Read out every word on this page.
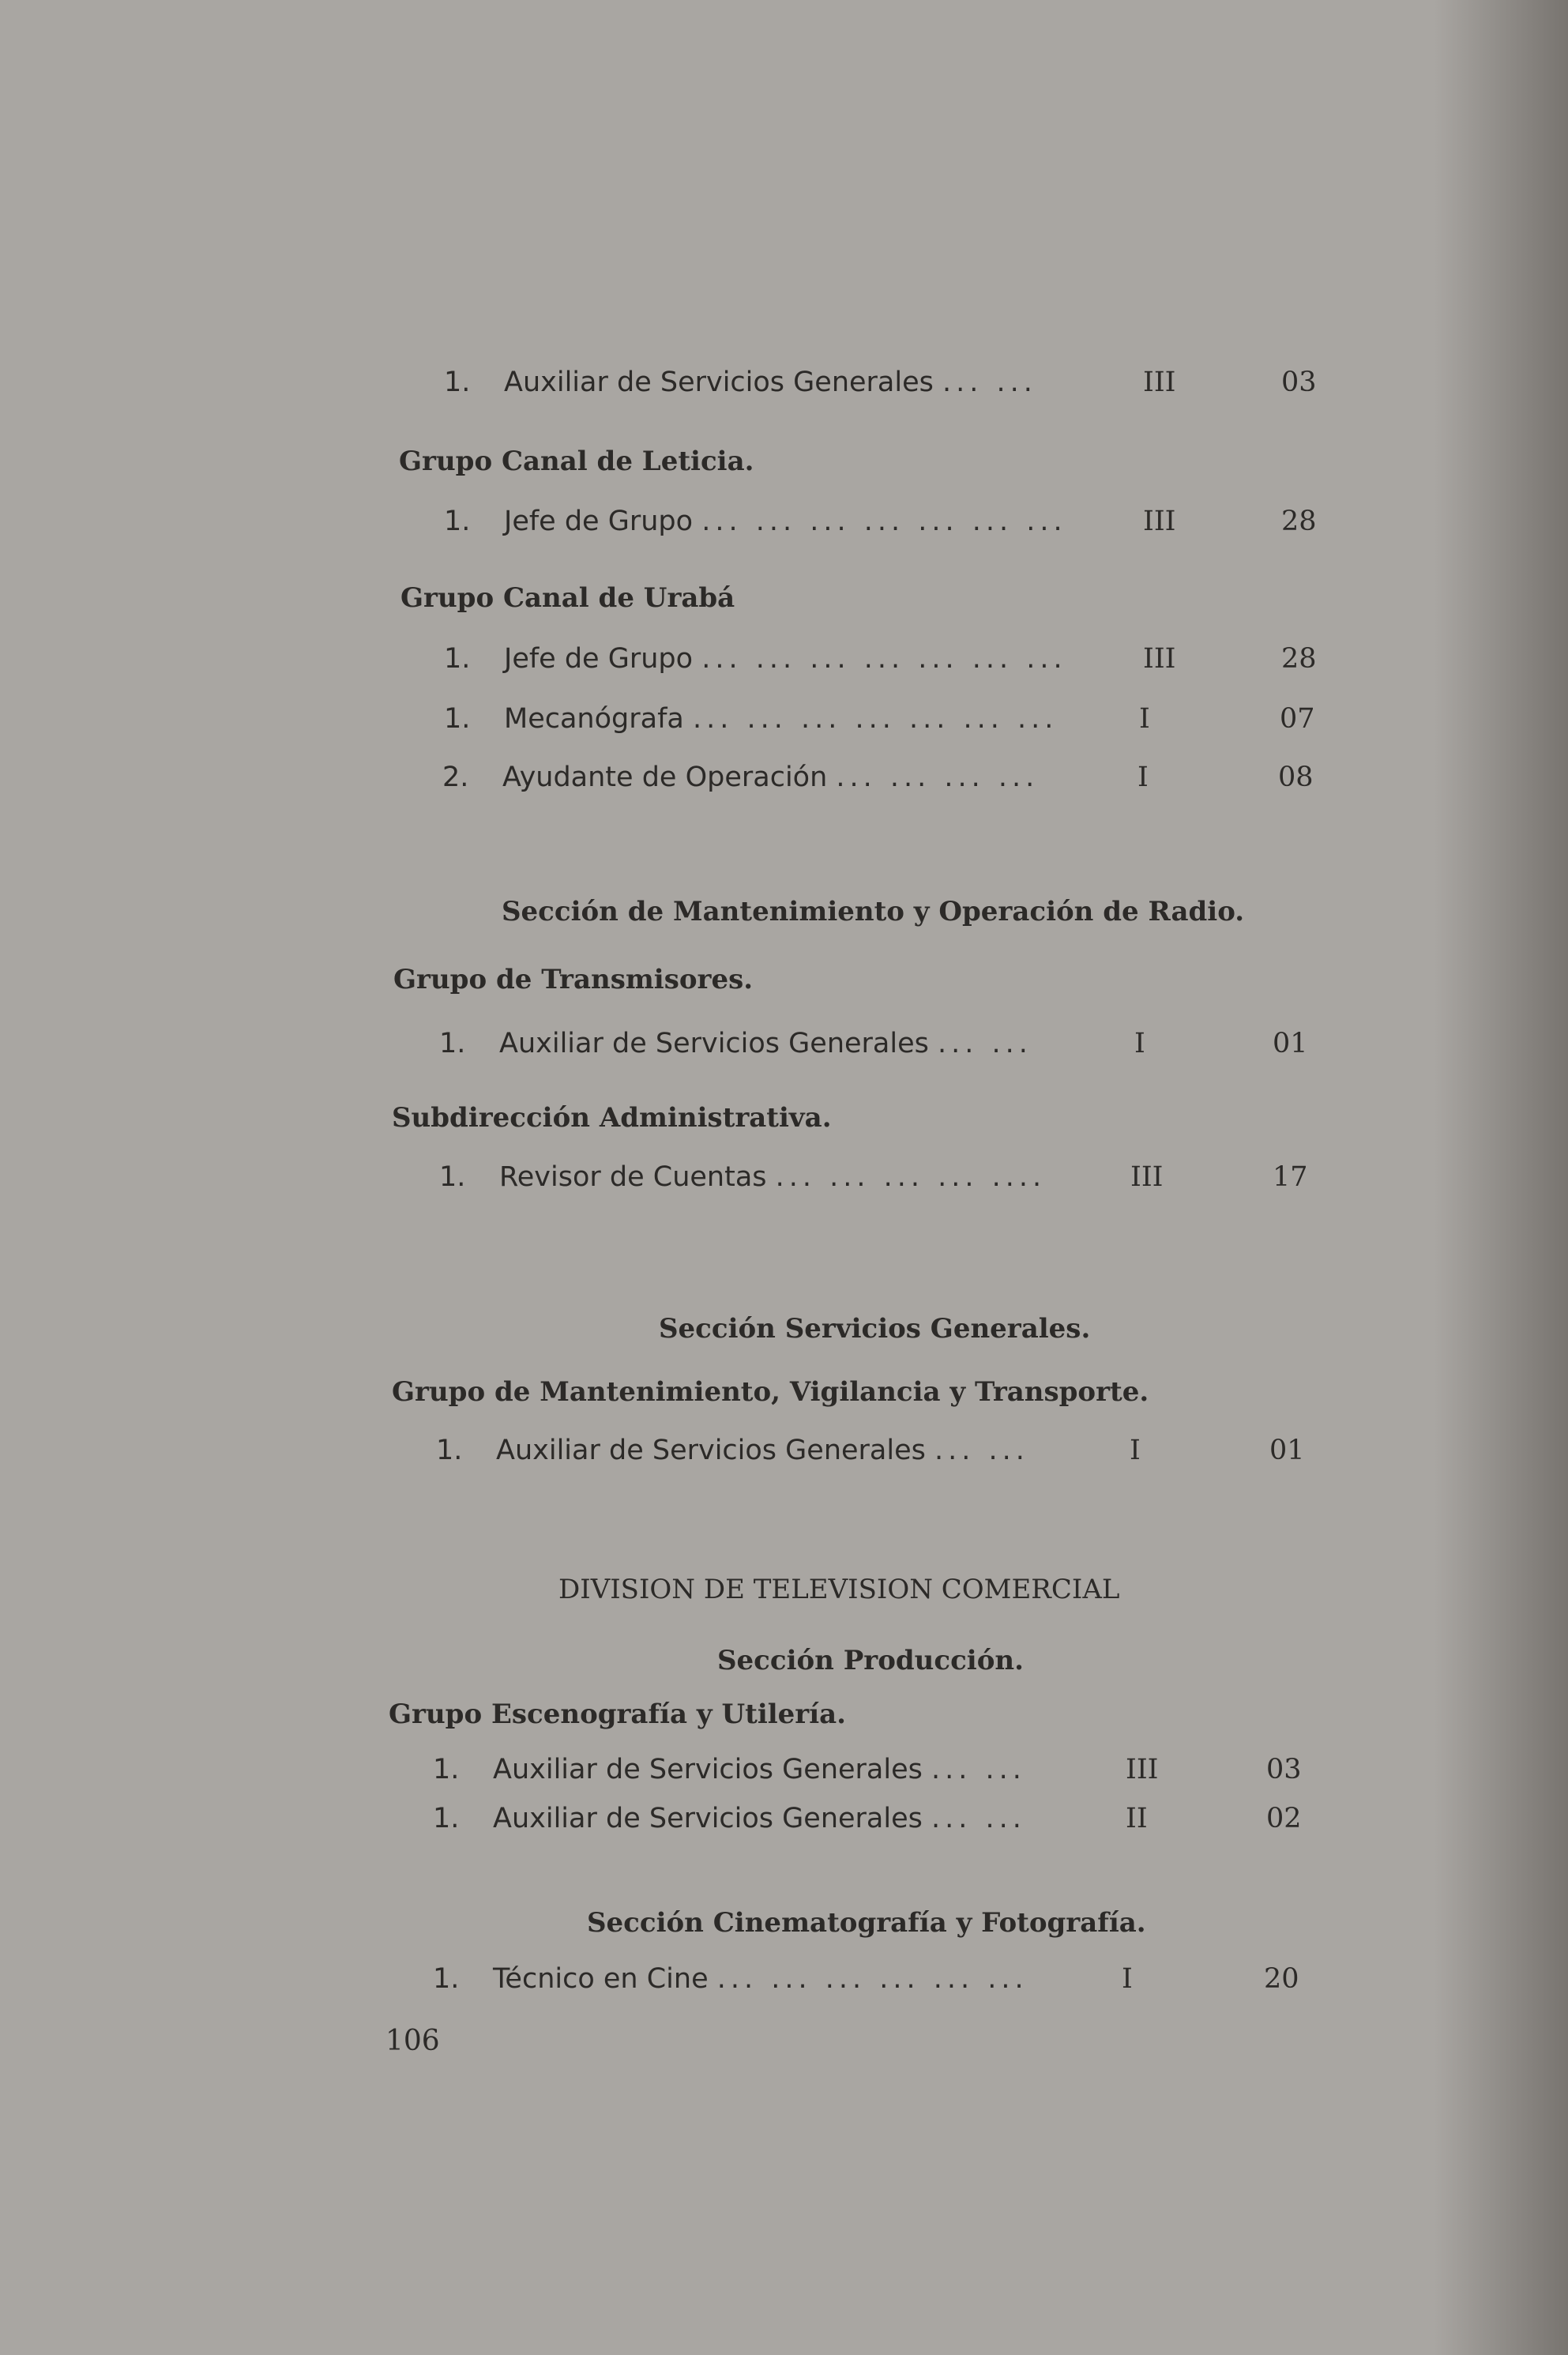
1. Auxiliar de Servicios Generales ... ...	III	03
Grupo Canal de Leticia.
1. Jefe de Grupo ... ... ... ... ... ... ...	III	28
Grupo Canal de Urabá
1. Jefe de Grupo ... ... ... ... ... ... ...	III	28
1. Mecanógrafa ... ... ... ... ... ... ...	I	07
2. Ayudante de Operación ... ... ... ...	I	08
Sección de Mantenimiento y Operación de Radio.
Grupo de Transmisores.
1. Auxiliar de Servicios Generales ... ...	I	01
Subdirección Administrativa.
1. Revisor de Cuentas ... ... ... ... ....	III	17
Sección Servicios Generales.
Grupo de Mantenimiento, Vigilancia y Transporte.
1. Auxiliar de Servicios Generales ... ...	I	01
DIVISION DE TELEVISION COMERCIAL
Sección Producción.
Grupo Escenografía y Utilería.
1. Auxiliar de Servicios Generales ... ...	III	03
1. Auxiliar de Servicios Generales ... ...	II	02
Sección Cinematografía y Fotografía.
1. Técnico en Cine ... ... ... ... ... ...	I	20
106
